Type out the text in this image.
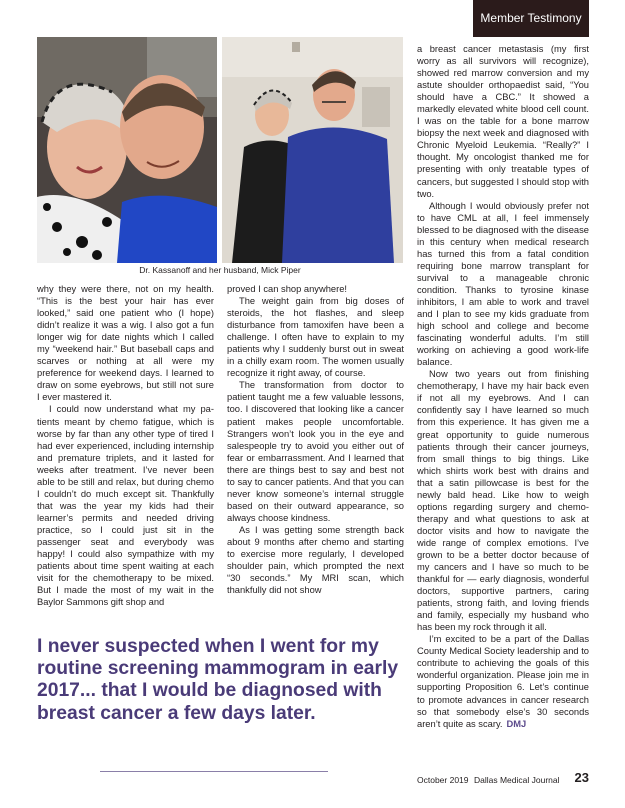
Member Testimony
Dr. Kassanoff and her husband, Mick Piper

why they were there, not on my health. “This is the best your hair has ever looked,” said one patient who (I hope) didn’t realize it was a wig. I also got a fun longer wig for date nights which I called my “weekend hair.” But baseball caps and scarves or nothing at all were my preference for weekend days. I learned to draw on some eyebrows, but still not sure I ever mastered it.

I could now understand what my patients meant by chemo fatigue, which is worse by far than any other type of tired I had ever experienced, including internship and premature triplets, and it lasted for weeks after treatment. I’ve never been able to be still and relax, but during chemo I couldn’t do much except sit. Thankfully that was the year my kids had their learner’s permits and needed driving practice, so I could just sit in the passenger seat and everybody was happy! I could also sympathize with my patients about time spent waiting at each visit for the chemotherapy to be mixed. But I made the most of my wait in the Baylor Sammons gift shop and

proved I can shop anywhere!

The weight gain from big doses of steroids, the hot flashes, and sleep disturbance from tamoxifen have been a challenge. I often have to explain to my patients why I suddenly burst out in sweat in a chilly exam room. The women usually recognize it right away, of course.

The transformation from doctor to patient taught me a few valuable lessons, too. I discovered that looking like a cancer patient makes people uncomfortable. Strangers won’t look you in the eye and salespeople try to avoid you either out of fear or embarrassment. And I learned that there are things best to say and best not to say to cancer patients. And that you can never know someone’s internal struggle based on their outward appearance, so always choose kindness.

As I was getting some strength back about 9 months after chemo and starting to exercise more regularly, I developed shoulder pain, which prompted the next “30 seconds.” My MRI scan, which thankfully did not show

a breast cancer metastasis (my first worry as all survivors will recognize), showed red marrow conversion and my astute shoulder orthopaedist said, “You should have a CBC.” It showed a markedly elevated white blood cell count. I was on the table for a bone marrow biopsy the next week and diagnosed with Chronic Myeloid Leukemia. “Really?” I thought. My oncologist thanked me for presenting with only treatable types of cancers, but suggested I should stop with two.

Although I would obviously prefer not to have CML at all, I feel immensely blessed to be diagnosed with the disease in this century when medical research has turned this from a fatal condition requiring bone marrow transplant for survival to a manageable chronic condition. Thanks to tyrosine kinase inhibitors, I am able to work and travel and I plan to see my kids graduate from high school and college and become fascinating wonderful adults. I’m still working on achieving a good work-life balance.

Now two years out from finishing chemotherapy, I have my hair back even if not all my eyebrows. And I can confidently say I have learned so much from this experience. It has given me a great opportunity to guide numerous patients through their cancer journeys, from small things to big things. Like which shirts work best with drains and that a satin pillowcase is best for the newly bald head. Like how to weigh options regarding surgery and chemotherapy and what questions to ask at doctor visits and how to navigate the wide range of complex emotions. I’ve grown to be a better doctor because of my cancers and I have so much to be thankful for — early diagnosis, wonderful doctors, supportive partners, caring patients, strong faith, and loving friends and family, especially my husband who has been my rock through it all.

I’m excited to be a part of the Dallas County Medical Society leadership and to contribute to achieving the goals of this wonderful organization. Please join me in supporting Proposition 6. Let’s continue to promote advances in cancer research so that somebody else’s 30 seconds aren’t quite as scary. DMJ

I never suspected when I went for my routine screening mammogram in early 2017... that I would be diagnosed with breast cancer a few days later.
October 2019 Dallas Medical Journal 23
